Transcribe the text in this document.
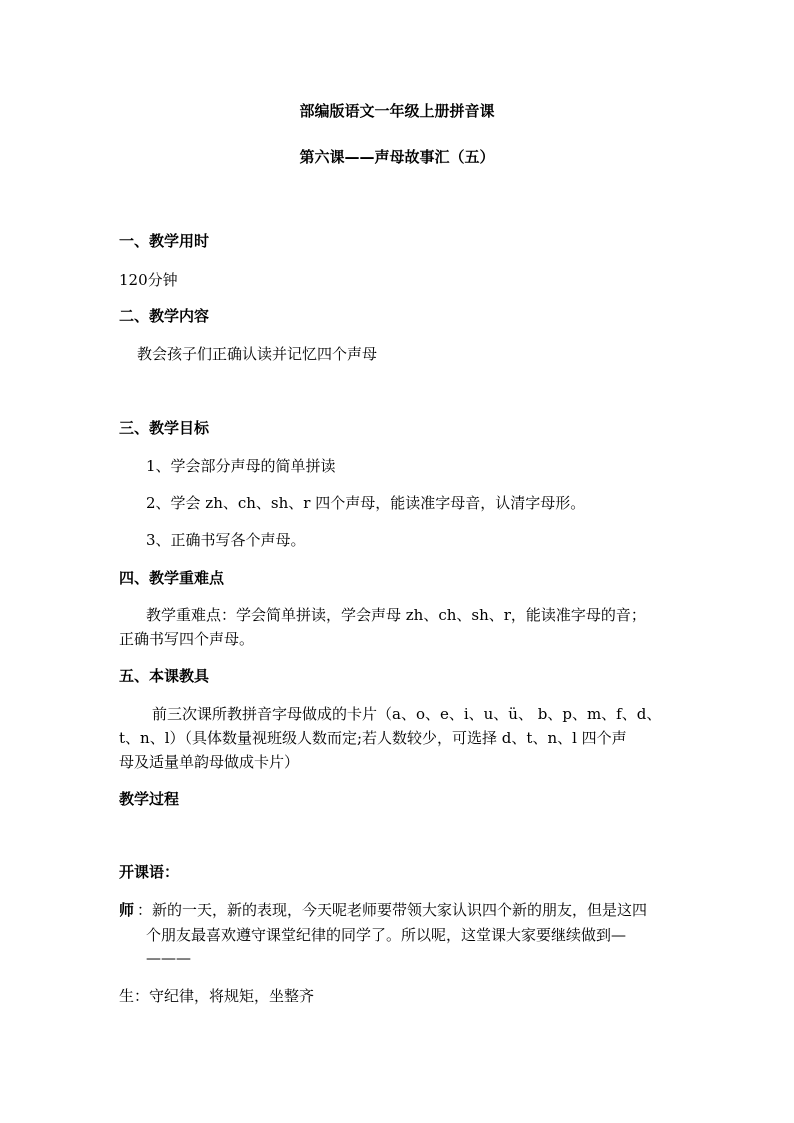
部编版语文一年级上册拼音课
第六课——声母故事汇（五）
一、教学用时
120分钟
二、教学内容
教会孩子们正确认读并记忆四个声母
三、教学目标
1、学会部分声母的简单拼读
2、学会 zh、ch、sh、r 四个声母，能读准字母音，认清字母形。
3、正确书写各个声母。
四、教学重难点
教学重难点：学会简单拼读，学会声母 zh、ch、sh、r，能读准字母的音；
正确书写四个声母。
五、本课教具
前三次课所教拼音字母做成的卡片（a、o、e、i、u、ü、 b、p、m、f、d、
t、n、l）（具体数量视班级人数而定;若人数较少，可选择 d、t、n、l 四个声
母及适量单韵母做成卡片）
教学过程
开课语：
师 ：新的一天，新的表现，今天呢老师要带领大家认识四个新的朋友，但是这四
个朋友最喜欢遵守课堂纪律的同学了。所以呢，这堂课大家要继续做到—
———
生：守纪律，将规矩，坐整齐
